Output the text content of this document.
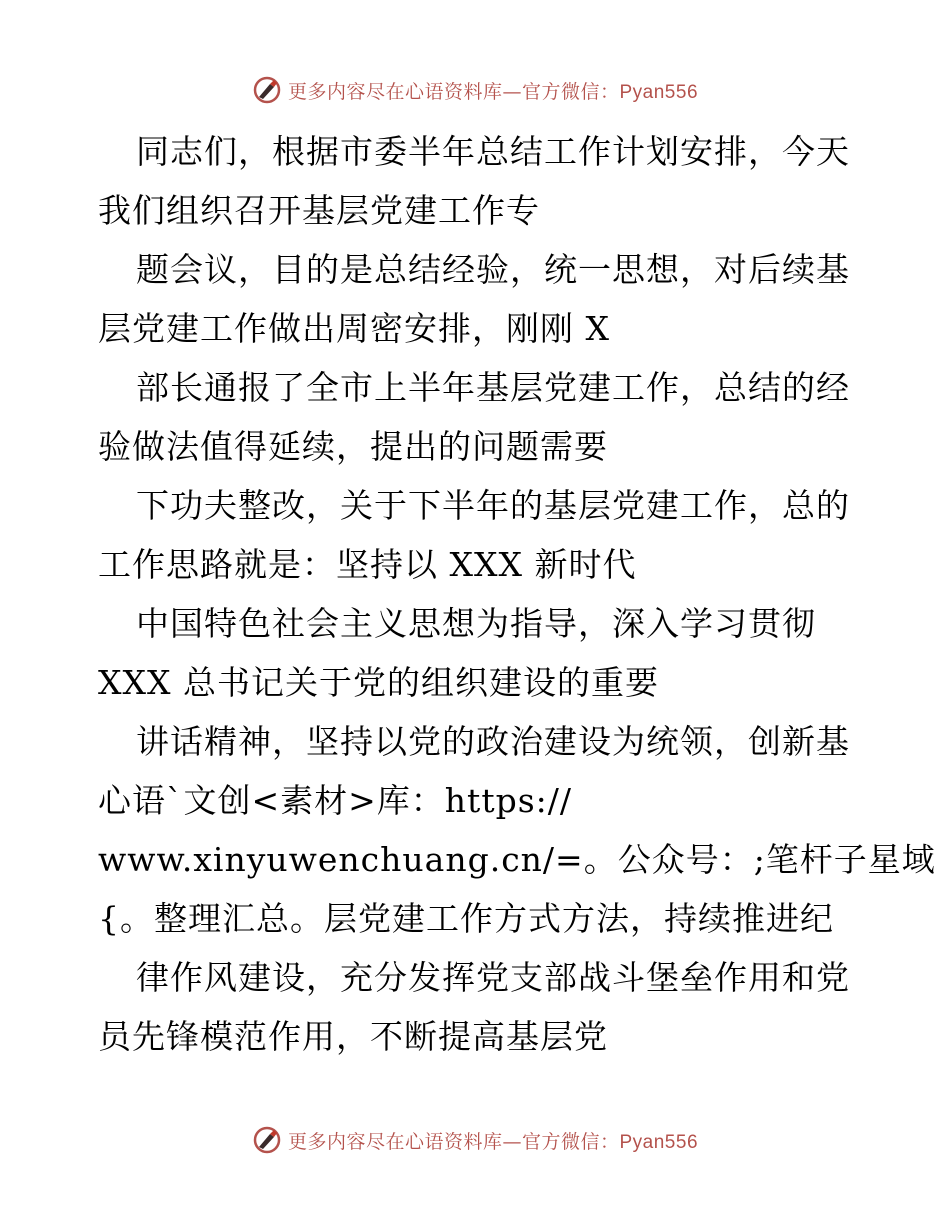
更多内容尽在心语资料库—官方微信：Pyan556
同志们，根据市委半年总结工作计划安排，今天
我们组织召开基层党建工作专
题会议，目的是总结经验，统一思想，对后续基
层党建工作做出周密安排，刚刚 X
部长通报了全市上半年基层党建工作，总结的经
验做法值得延续，提出的问题需要
下功夫整改，关于下半年的基层党建工作，总的
工作思路就是：坚持以 XXX 新时代
中国特色社会主义思想为指导，深入学习贯彻
XXX 总书记关于党的组织建设的重要
讲话精神，坚持以党的政治建设为统领，创新基
心语`文创<素材>库：https://
www.xinyuwenchuang.cn/=。公众号：;笔杆子星域
{。整理汇总。层党建工作方式方法，持续推进纪
律作风建设，充分发挥党支部战斗堡垒作用和党
员先锋模范作用，不断提高基层党
更多内容尽在心语资料库—官方微信：Pyan556
